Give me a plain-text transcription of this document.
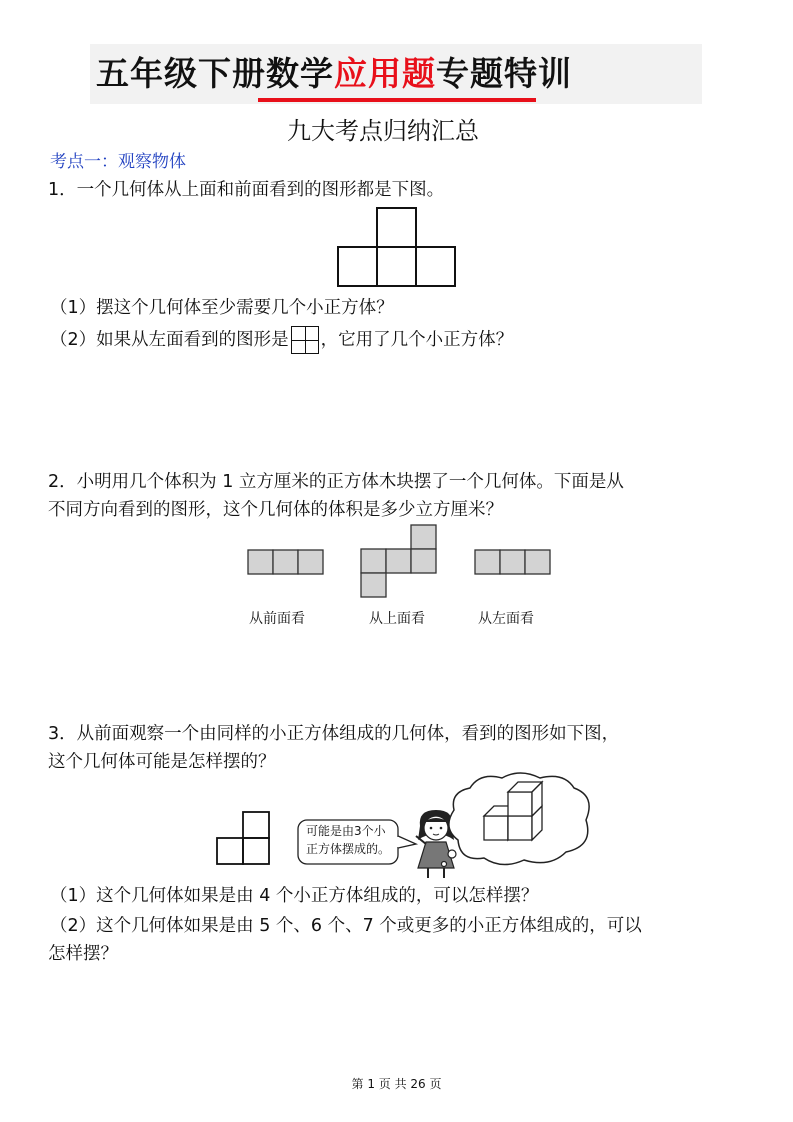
五年级下册数学应用题专题特训
九大考点归纳汇总
考点一：观察物体
1．一个几何体从上面和前面看到的图形都是下图。
（1）摆这个几何体至少需要几个小正方体？
（2）如果从左面看到的图形是 ，它用了几个小正方体？
2．小明用几个体积为 1 立方厘米的正方体木块摆了一个几何体。下面是从
不同方向看到的图形，这个几何体的体积是多少立方厘米？
从前面看	从上面看	从左面看
3．从前面观察一个由同样的小正方体组成的几何体，看到的图形如下图，
这个几何体可能是怎样摆的？
可能是由3个小
正方体摆成的。
（1）这个几何体如果是由 4 个小正方体组成的，可以怎样摆？
（2）这个几何体如果是由 5 个、6 个、7 个或更多的小正方体组成的，可以
怎样摆？
第 1 页 共 26 页
